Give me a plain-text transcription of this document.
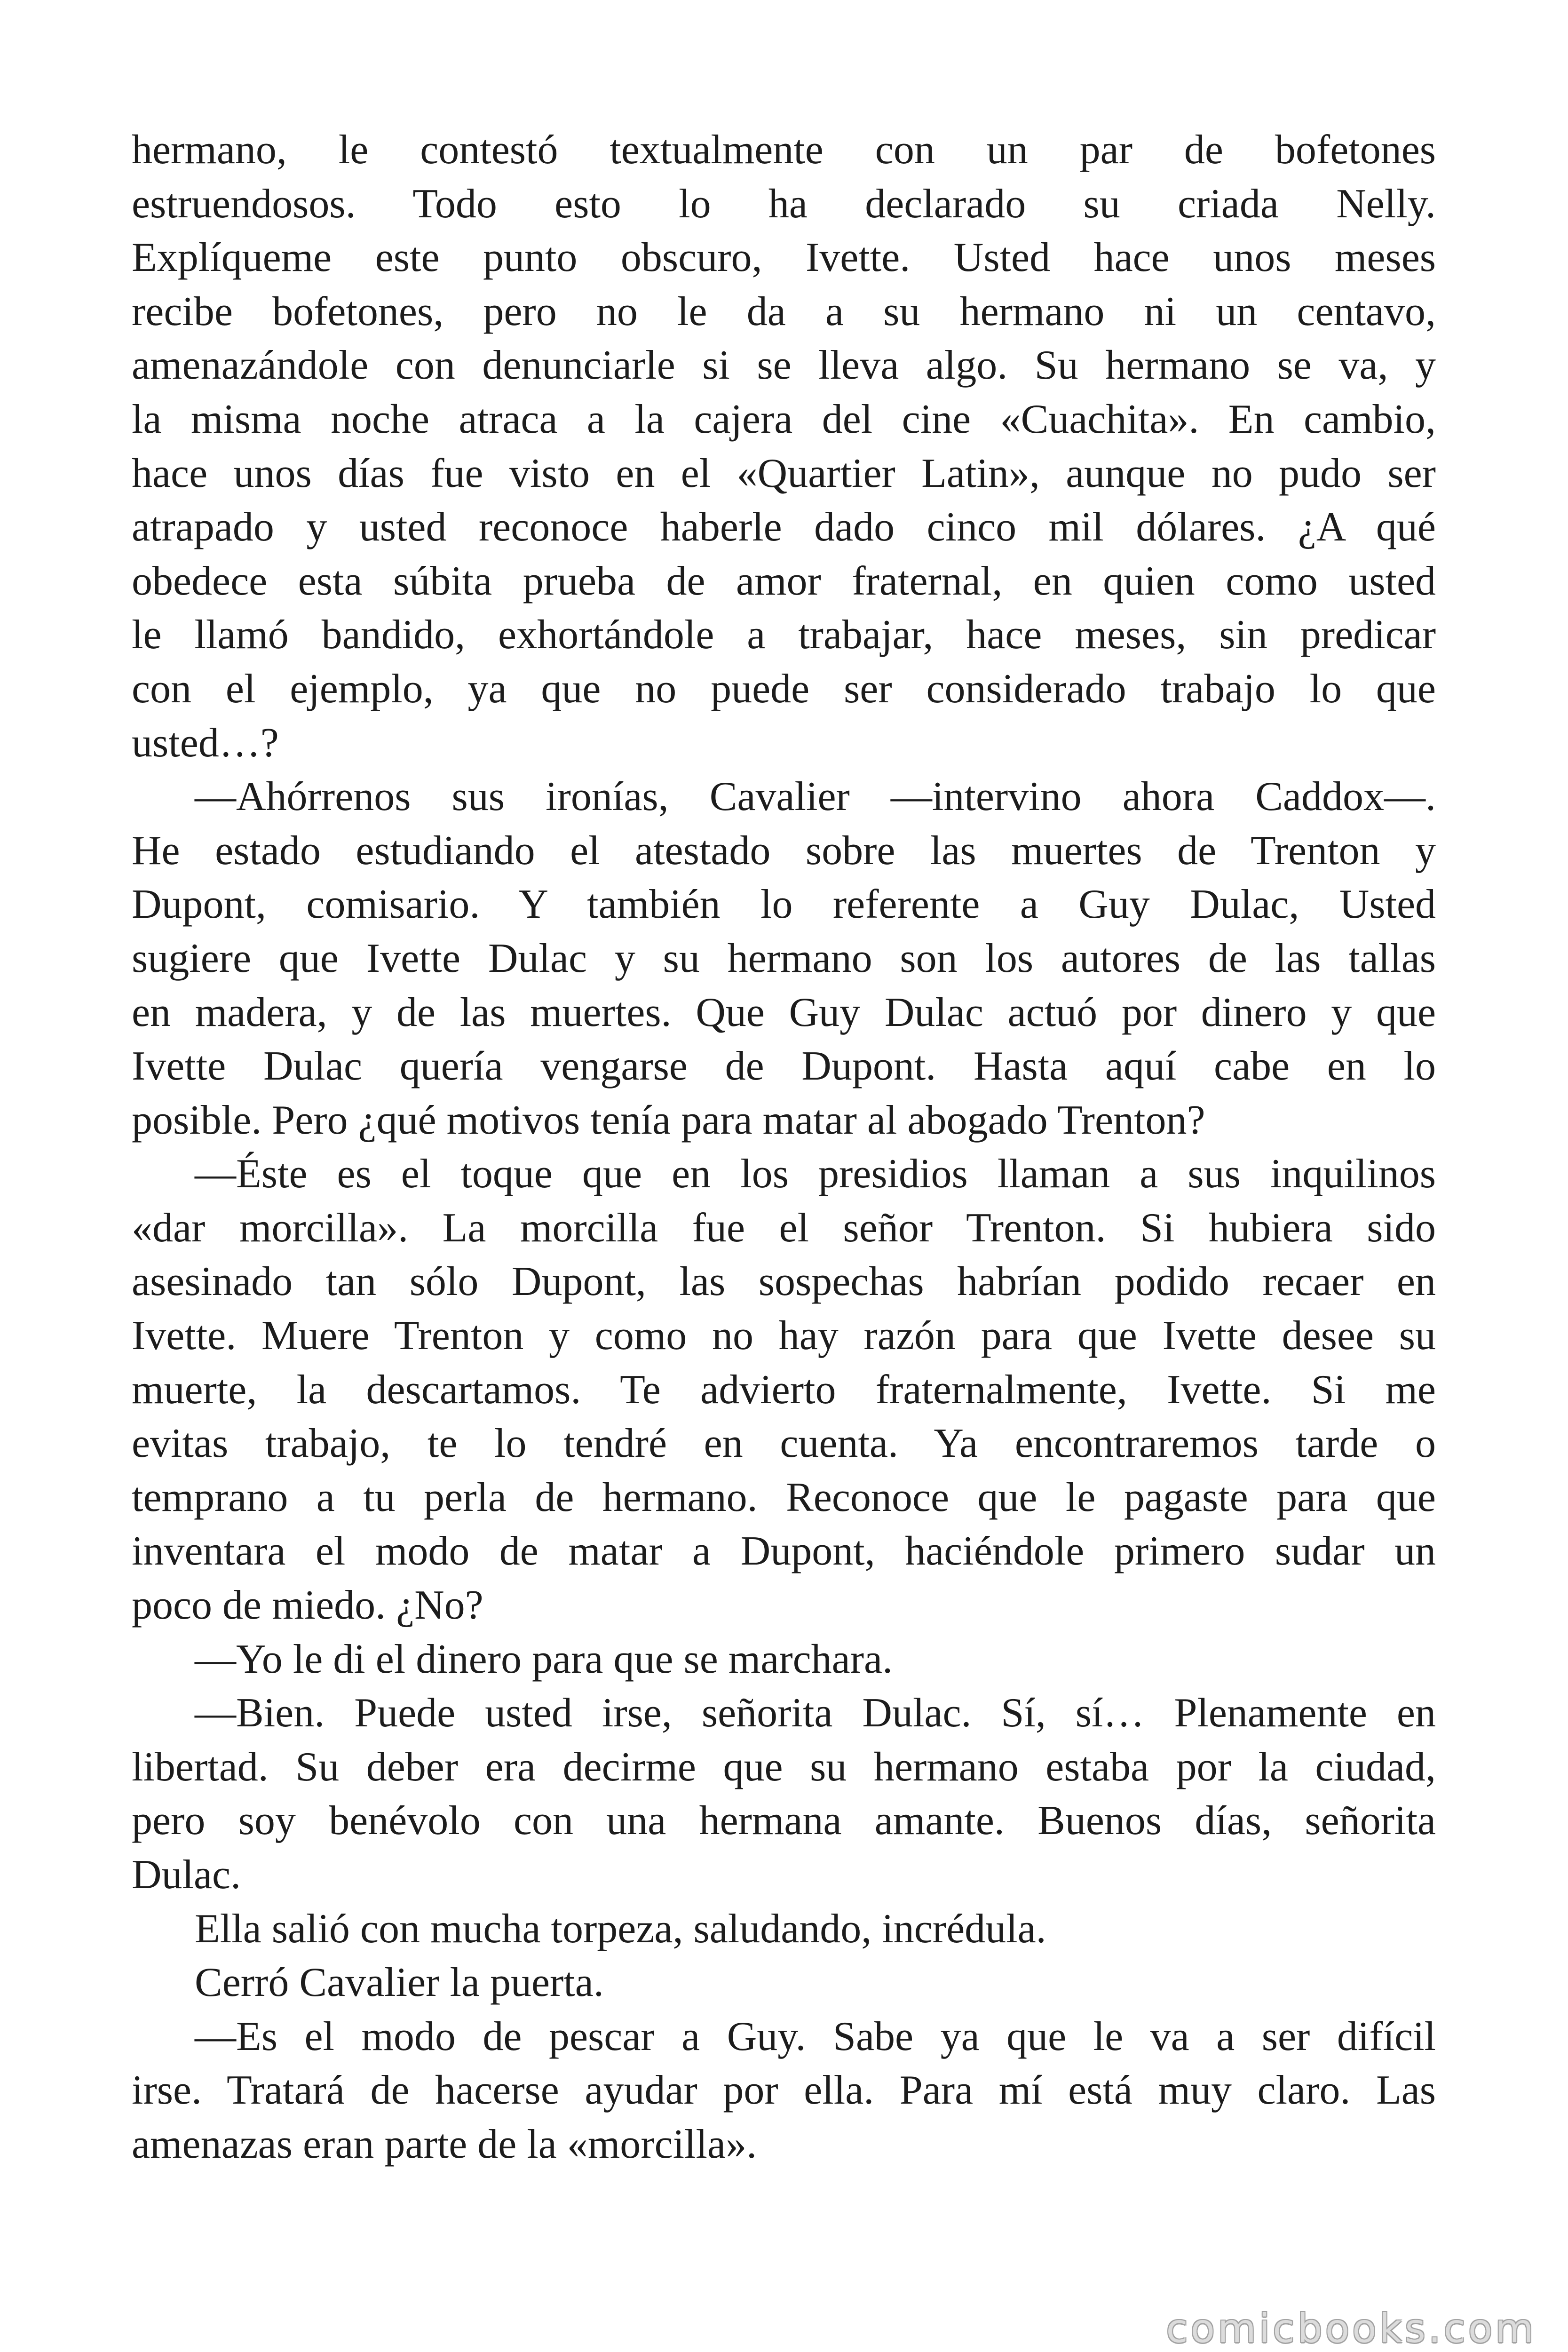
hermano, le contestó textualmente con un par de bofetones
estruendosos. Todo esto lo ha declarado su criada Nelly.
Explíqueme este punto obscuro, Ivette. Usted hace unos meses
recibe bofetones, pero no le da a su hermano ni un centavo,
amenazándole con denunciarle si se lleva algo. Su hermano se va, y
la misma noche atraca a la cajera del cine «Cuachita». En cambio,
hace unos días fue visto en el «Quartier Latin», aunque no pudo ser
atrapado y usted reconoce haberle dado cinco mil dólares. ¿A qué
obedece esta súbita prueba de amor fraternal, en quien como usted
le llamó bandido, exhortándole a trabajar, hace meses, sin predicar
con el ejemplo, ya que no puede ser considerado trabajo lo que
usted…?
—Ahórrenos sus ironías, Cavalier —intervino ahora Caddox—.
He estado estudiando el atestado sobre las muertes de Trenton y
Dupont, comisario. Y también lo referente a Guy Dulac, Usted
sugiere que Ivette Dulac y su hermano son los autores de las tallas
en madera, y de las muertes. Que Guy Dulac actuó por dinero y que
Ivette Dulac quería vengarse de Dupont. Hasta aquí cabe en lo
posible. Pero ¿qué motivos tenía para matar al abogado Trenton?
—Éste es el toque que en los presidios llaman a sus inquilinos
«dar morcilla». La morcilla fue el señor Trenton. Si hubiera sido
asesinado tan sólo Dupont, las sospechas habrían podido recaer en
Ivette. Muere Trenton y como no hay razón para que Ivette desee su
muerte, la descartamos. Te advierto fraternalmente, Ivette. Si me
evitas trabajo, te lo tendré en cuenta. Ya encontraremos tarde o
temprano a tu perla de hermano. Reconoce que le pagaste para que
inventara el modo de matar a Dupont, haciéndole primero sudar un
poco de miedo. ¿No?
—Yo le di el dinero para que se marchara.
—Bien. Puede usted irse, señorita Dulac. Sí, sí… Plenamente en
libertad. Su deber era decirme que su hermano estaba por la ciudad,
pero soy benévolo con una hermana amante. Buenos días, señorita
Dulac.
Ella salió con mucha torpeza, saludando, incrédula.
Cerró Cavalier la puerta.
—Es el modo de pescar a Guy. Sabe ya que le va a ser difícil
irse. Tratará de hacerse ayudar por ella. Para mí está muy claro. Las
amenazas eran parte de la «morcilla».
comicbooks.com
